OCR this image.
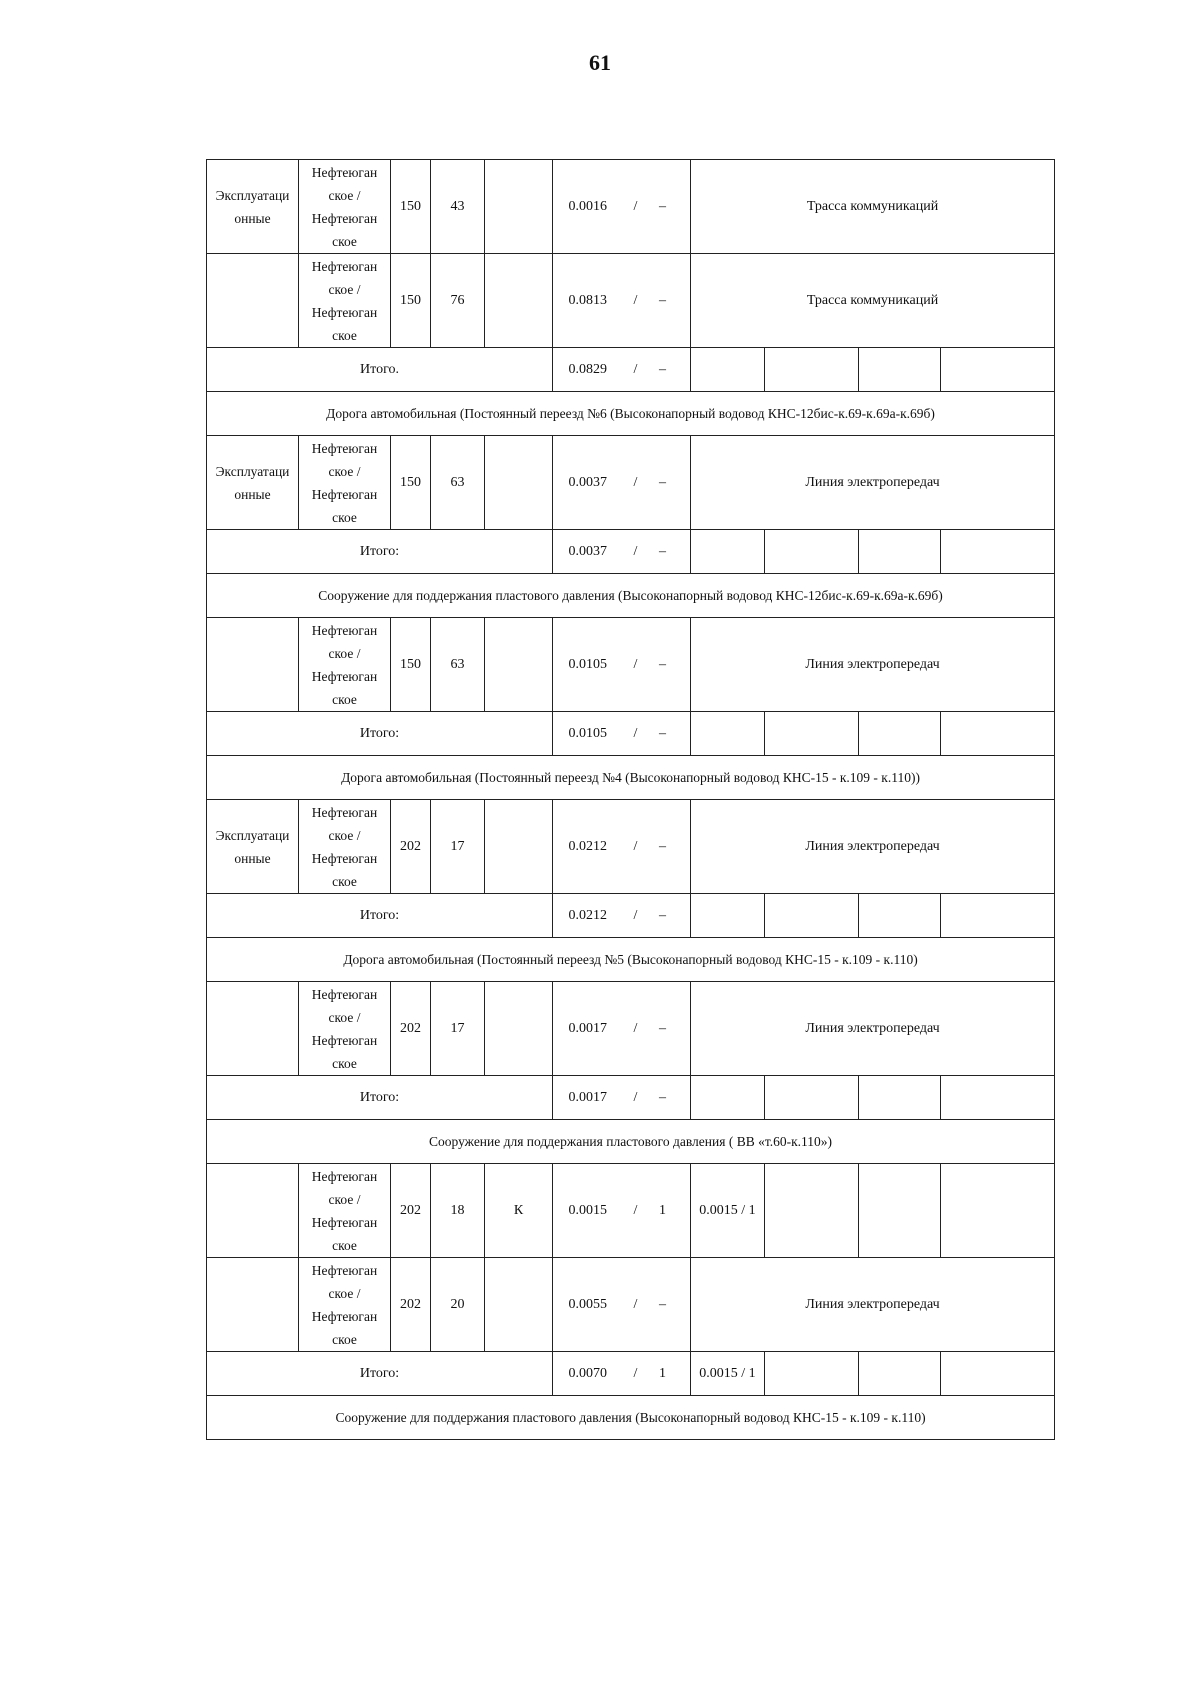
61
Эксплуатаци онные	Нефтеюган ское / Нефтеюган ское	150	43		0.0016 / –	Трасса коммуникаций			
	Нефтеюган ское / Нефтеюган ское	150	76		0.0813 / –	Трасса коммуникаций			
Итого.					0.0829 / –				
Дорога автомобильная (Постоянный переезд №6 (Высоконапорный водовод КНС-12бис-к.69-к.69а-к.69б)									
Эксплуатаци онные	Нефтеюган ское / Нефтеюган ское	150	63		0.0037 / –	Линия электропередач			
Итого:					0.0037 / –				
Сооружение для поддержания пластового давления (Высоконапорный водовод КНС-12бис-к.69-к.69а-к.69б)									
	Нефтеюган ское / Нефтеюган ское	150	63		0.0105 / –	Линия электропередач			
Итого:					0.0105 / –				
Дорога автомобильная (Постоянный переезд №4 (Высоконапорный водовод КНС-15 - к.109 - к.110))									
Эксплуатаци онные	Нефтеюган ское / Нефтеюган ское	202	17		0.0212 / –	Линия электропередач			
Итого:					0.0212 / –				
Дорога автомобильная (Постоянный переезд №5 (Высоконапорный водовод КНС-15 - к.109 - к.110)									
	Нефтеюган ское / Нефтеюган ское	202	17		0.0017 / –	Линия электропередач			
Итого:					0.0017 / –				
Сооружение для поддержания пластового давления ( ВВ «т.60-к.110»)									
	Нефтеюган ское / Нефтеюган ское	202	18	К	0.0015 / 1	0.0015 / 1			
	Нефтеюган ское / Нефтеюган ское	202	20		0.0055 / –	Линия электропередач			
Итого:					0.0070 / 1	0.0015 / 1			
Сооружение для поддержания пластового давления (Высоконапорный водовод КНС-15 - к.109 - к.110)									
